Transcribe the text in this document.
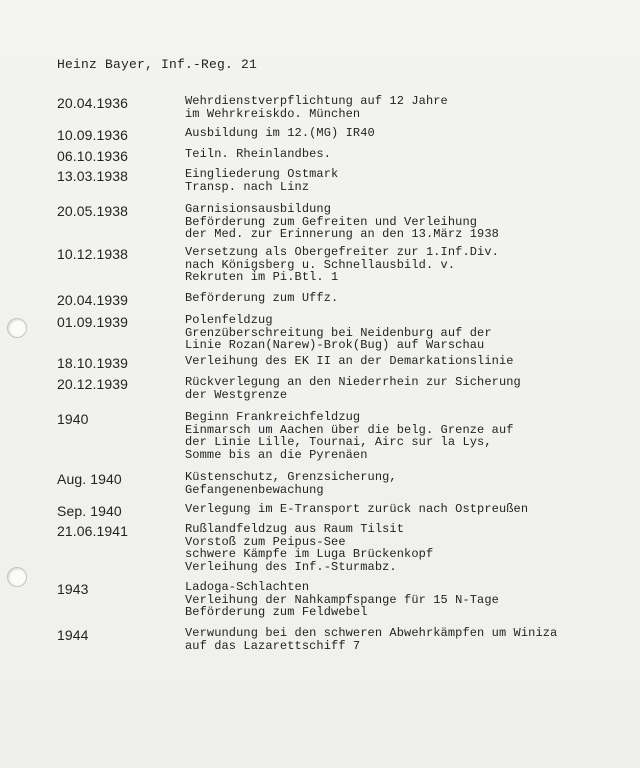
Heinz Bayer, Inf.-Reg. 21
20.04.1936	Wehrdienstverpflichtung auf 12 Jahre
im Wehrkreiskdo. München
10.09.1936	Ausbildung im 12.(MG) IR40
06.10.1936	Teiln. Rheinlandbes.
13.03.1938	Eingliederung Ostmark
Transp. nach Linz
20.05.1938	Garnisionsausbildung
Beförderung zum Gefreiten und Verleihung
der Med. zur Erinnerung an den 13.März 1938
10.12.1938	Versetzung als Obergefreiter zur 1.Inf.Div.
nach Königsberg u. Schnellausbild. v.
Rekruten im Pi.Btl. 1
20.04.1939	Beförderung zum Uffz.
01.09.1939	Polenfeldzug
Grenzüberschreitung bei Neidenburg auf der
Linie Rozan(Narew)-Brok(Bug) auf Warschau
18.10.1939	Verleihung des EK II an der Demarkationslinie
20.12.1939	Rückverlegung an den Niederrhein zur Sicherung
der Westgrenze
1940	Beginn Frankreichfeldzug
Einmarsch um Aachen über die belg. Grenze auf
der Linie Lille, Tournai, Airc sur la Lys,
Somme bis an die Pyrenäen
Aug. 1940	Küstenschutz, Grenzsicherung,
Gefangenenbewachung
Sep. 1940	Verlegung im E-Transport zurück nach Ostpreußen
21.06.1941	Rußlandfeldzug aus Raum Tilsit
Vorstoß zum Peipus-See
schwere Kämpfe im Luga Brückenkopf
Verleihung des Inf.-Sturmabz.
1943	Ladoga-Schlachten
Verleihung der Nahkampfspange für 15 N-Tage
Beförderung zum Feldwebel
1944	Verwundung bei den schweren Abwehrkämpfen um Winiza
auf das Lazarettschiff 7
